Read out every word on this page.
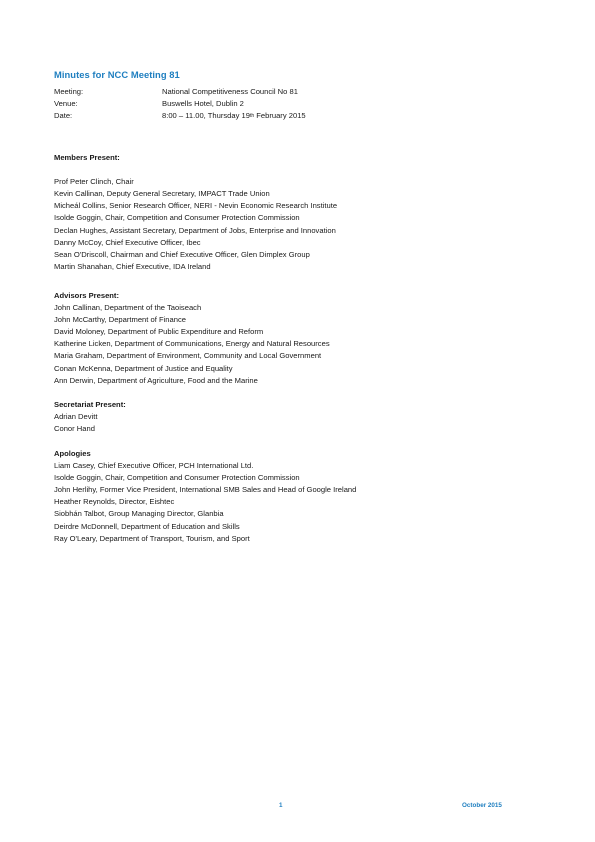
Minutes for NCC Meeting 81
Meeting:	National Competitiveness Council No 81
Venue:	Buswells Hotel, Dublin 2
Date:	8:00 – 11.00, Thursday 19th February 2015
Members Present:
Prof Peter Clinch, Chair
Kevin Callinan, Deputy General Secretary, IMPACT Trade Union
Micheál Collins, Senior Research Officer, NERI - Nevin Economic Research Institute
Isolde Goggin, Chair, Competition and Consumer Protection Commission
Declan Hughes, Assistant Secretary, Department of Jobs, Enterprise and Innovation
Danny McCoy, Chief Executive Officer, Ibec
Sean O'Driscoll, Chairman and Chief Executive Officer, Glen Dimplex Group
Martin Shanahan, Chief Executive, IDA Ireland
Advisors Present:
John Callinan, Department of the Taoiseach
John McCarthy, Department of Finance
David Moloney, Department of Public Expenditure and Reform
Katherine Licken, Department of Communications, Energy and Natural Resources
Maria Graham, Department of Environment, Community and Local Government
Conan McKenna, Department of Justice and Equality
Ann Derwin, Department of Agriculture, Food and the Marine
Secretariat Present:
Adrian Devitt
Conor Hand
Apologies
Liam Casey, Chief Executive Officer, PCH International Ltd.
Isolde Goggin, Chair, Competition and Consumer Protection Commission
John Herlihy, Former Vice President, International SMB Sales and Head of Google Ireland
Heather Reynolds, Director, Eishtec
Siobhán Talbot, Group Managing Director, Glanbia
Deirdre McDonnell, Department of Education and Skills
Ray O'Leary, Department of Transport, Tourism, and Sport
1	October 2015
